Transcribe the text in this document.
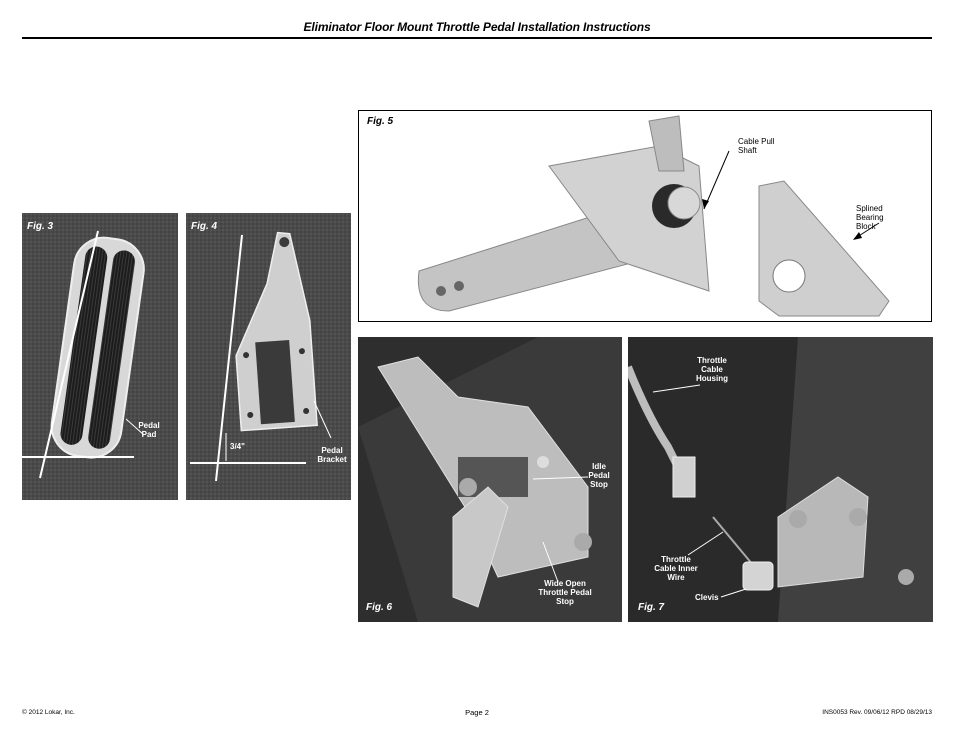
Eliminator Floor Mount Throttle Pedal Installation Instructions
Fig. 3
Pedal
Pad
Fig. 4
3/4"	Pedal
Bracket
Fig. 5
Cable Pull
Shaft
Splined
Bearing
Block
Idle
Pedal
Stop
Wide Open
Throttle Pedal
Stop
Fig. 6
Throttle
Cable
Housing
Throttle
Cable Inner
Wire
Clevis
Fig. 7
© 2012 Lokar, Inc.	Page 2	INS0053 Rev. 09/06/12 RPD 08/29/13
